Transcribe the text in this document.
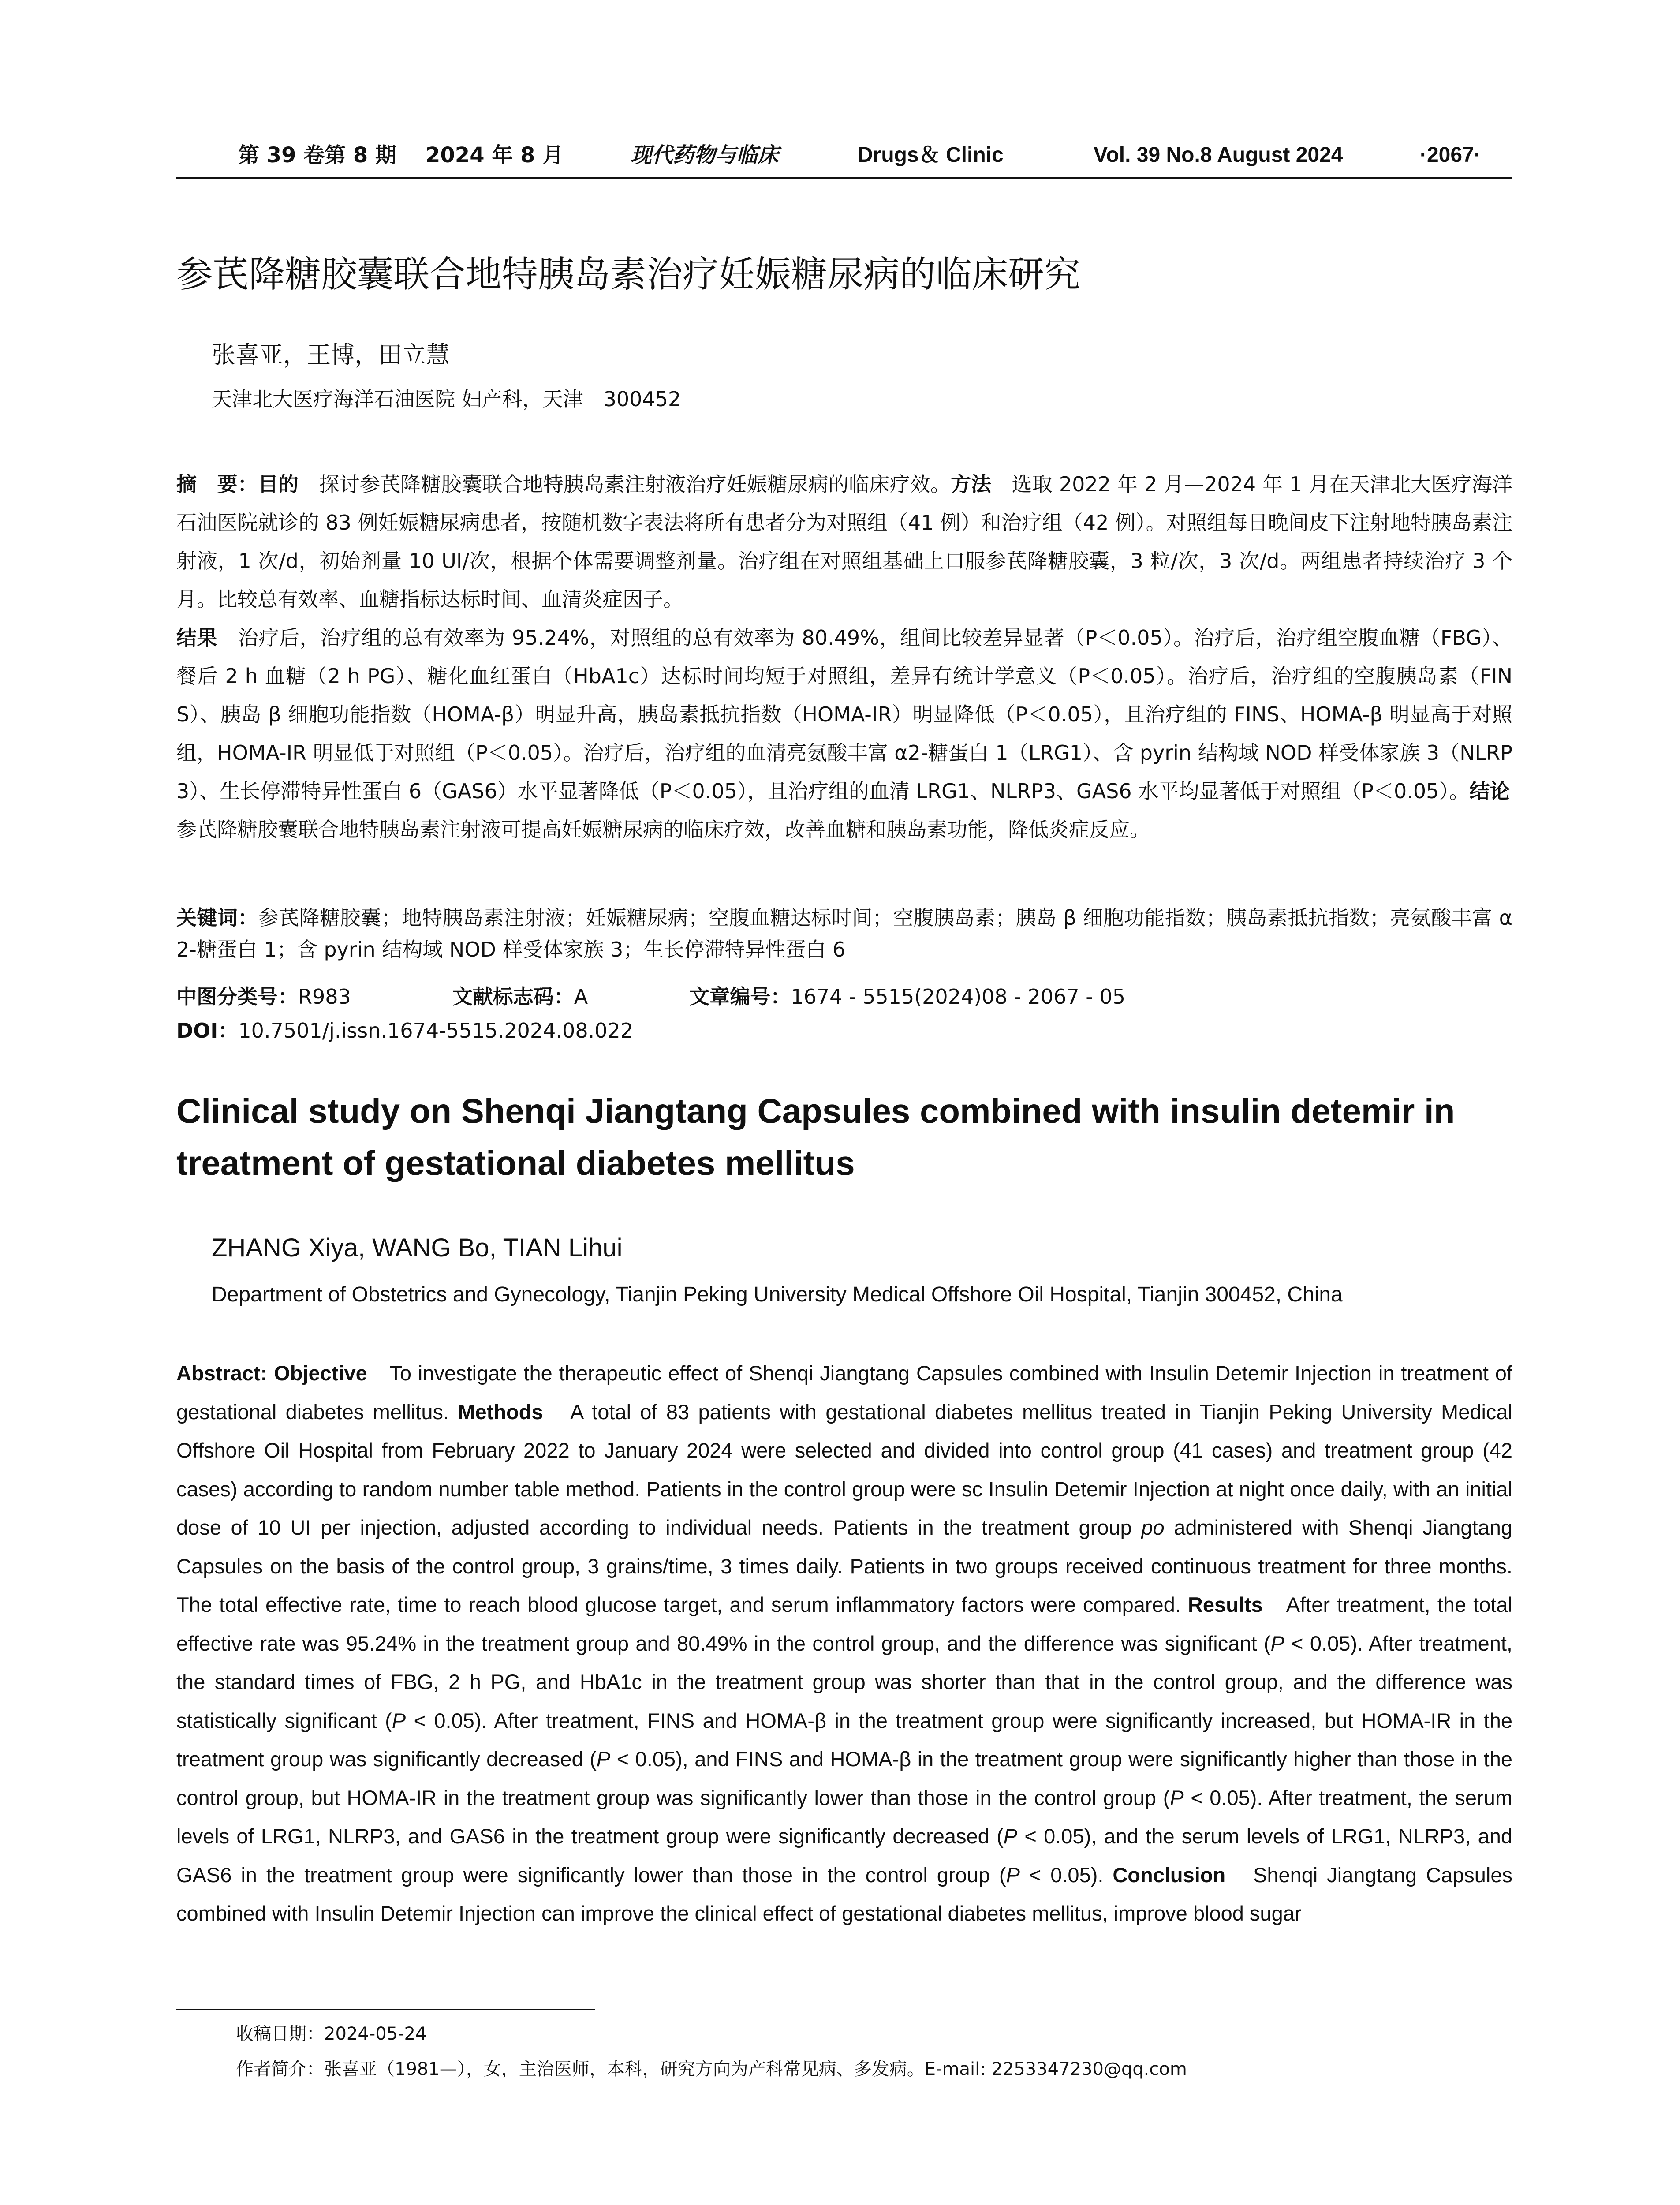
第 39 卷第 8 期 2024 年 8 月	现代药物与临床	Drugs＆ Clinic	Vol. 39 No.8 August 2024	·2067·
参芪降糖胶囊联合地特胰岛素治疗妊娠糖尿病的临床研究
张喜亚，王博，田立慧
天津北大医疗海洋石油医院 妇产科，天津　300452
摘　要：目的　探讨参芪降糖胶囊联合地特胰岛素注射液治疗妊娠糖尿病的临床疗效。方法　选取 2022 年 2 月—2024 年 1 月在天津北大医疗海洋石油医院就诊的 83 例妊娠糖尿病患者，按随机数字表法将所有患者分为对照组（41 例）和治疗组（42 例）。对照组每日晚间皮下注射地特胰岛素注射液，1 次/d，初始剂量 10 UI/次，根据个体需要调整剂量。治疗组在对照组基础上口服参芪降糖胶囊，3 粒/次，3 次/d。两组患者持续治疗 3 个月。比较总有效率、血糖指标达标时间、血清炎症因子。
结果　治疗后，治疗组的总有效率为 95.24%，对照组的总有效率为 80.49%，组间比较差异显著（P＜0.05）。治疗后，治疗组空腹血糖（FBG）、餐后 2 h 血糖（2 h PG）、糖化血红蛋白（HbA1c）达标时间均短于对照组，差异有统计学意义（P＜0.05）。治疗后，治疗组的空腹胰岛素（FINS）、胰岛 β 细胞功能指数（HOMA-β）明显升高，胰岛素抵抗指数（HOMA-IR）明显降低（P＜0.05），且治疗组的 FINS、HOMA-β 明显高于对照组，HOMA-IR 明显低于对照组（P＜0.05）。治疗后，治疗组的血清亮氨酸丰富 α2-糖蛋白 1（LRG1）、含 pyrin 结构域 NOD 样受体家族 3（NLRP3）、生长停滞特异性蛋白 6（GAS6）水平显著降低（P＜0.05），且治疗组的血清 LRG1、NLRP3、GAS6 水平均显著低于对照组（P＜0.05）。结论　参芪降糖胶囊联合地特胰岛素注射液可提高妊娠糖尿病的临床疗效，改善血糖和胰岛素功能，降低炎症反应。
关键词：参芪降糖胶囊；地特胰岛素注射液；妊娠糖尿病；空腹血糖达标时间；空腹胰岛素；胰岛 β 细胞功能指数；胰岛素抵抗指数；亮氨酸丰富 α2-糖蛋白 1；含 pyrin 结构域 NOD 样受体家族 3；生长停滞特异性蛋白 6
中图分类号：R983	文献标志码：A	文章编号：1674 - 5515(2024)08 - 2067 - 05
DOI：10.7501/j.issn.1674-5515.2024.08.022
Clinical study on Shenqi Jiangtang Capsules combined with insulin detemir in treatment of gestational diabetes mellitus
ZHANG Xiya, WANG Bo, TIAN Lihui
Department of Obstetrics and Gynecology, Tianjin Peking University Medical Offshore Oil Hospital, Tianjin 300452, China
Abstract: Objective　To investigate the therapeutic effect of Shenqi Jiangtang Capsules combined with Insulin Detemir Injection in treatment of gestational diabetes mellitus. Methods　A total of 83 patients with gestational diabetes mellitus treated in Tianjin Peking University Medical Offshore Oil Hospital from February 2022 to January 2024 were selected and divided into control group (41 cases) and treatment group (42 cases) according to random number table method. Patients in the control group were sc Insulin Detemir Injection at night once daily, with an initial dose of 10 UI per injection, adjusted according to individual needs. Patients in the treatment group po administered with Shenqi Jiangtang Capsules on the basis of the control group, 3 grains/time, 3 times daily. Patients in two groups received continuous treatment for three months. The total effective rate, time to reach blood glucose target, and serum inflammatory factors were compared. Results　After treatment, the total effective rate was 95.24% in the treatment group and 80.49% in the control group, and the difference was significant (P < 0.05). After treatment, the standard times of FBG, 2 h PG, and HbA1c in the treatment group was shorter than that in the control group, and the difference was statistically significant (P < 0.05). After treatment, FINS and HOMA-β in the treatment group were significantly increased, but HOMA-IR in the treatment group was significantly decreased (P < 0.05), and FINS and HOMA-β in the treatment group were significantly higher than those in the control group, but HOMA-IR in the treatment group was significantly lower than those in the control group (P < 0.05). After treatment, the serum levels of LRG1, NLRP3, and GAS6 in the treatment group were significantly decreased (P < 0.05), and the serum levels of LRG1, NLRP3, and GAS6 in the treatment group were significantly lower than those in the control group (P < 0.05). Conclusion　Shenqi Jiangtang Capsules combined with Insulin Detemir Injection can improve the clinical effect of gestational diabetes mellitus, improve blood sugar
收稿日期：2024-05-24
作者简介：张喜亚（1981—），女，主治医师，本科，研究方向为产科常见病、多发病。E-mail: 2253347230@qq.com
